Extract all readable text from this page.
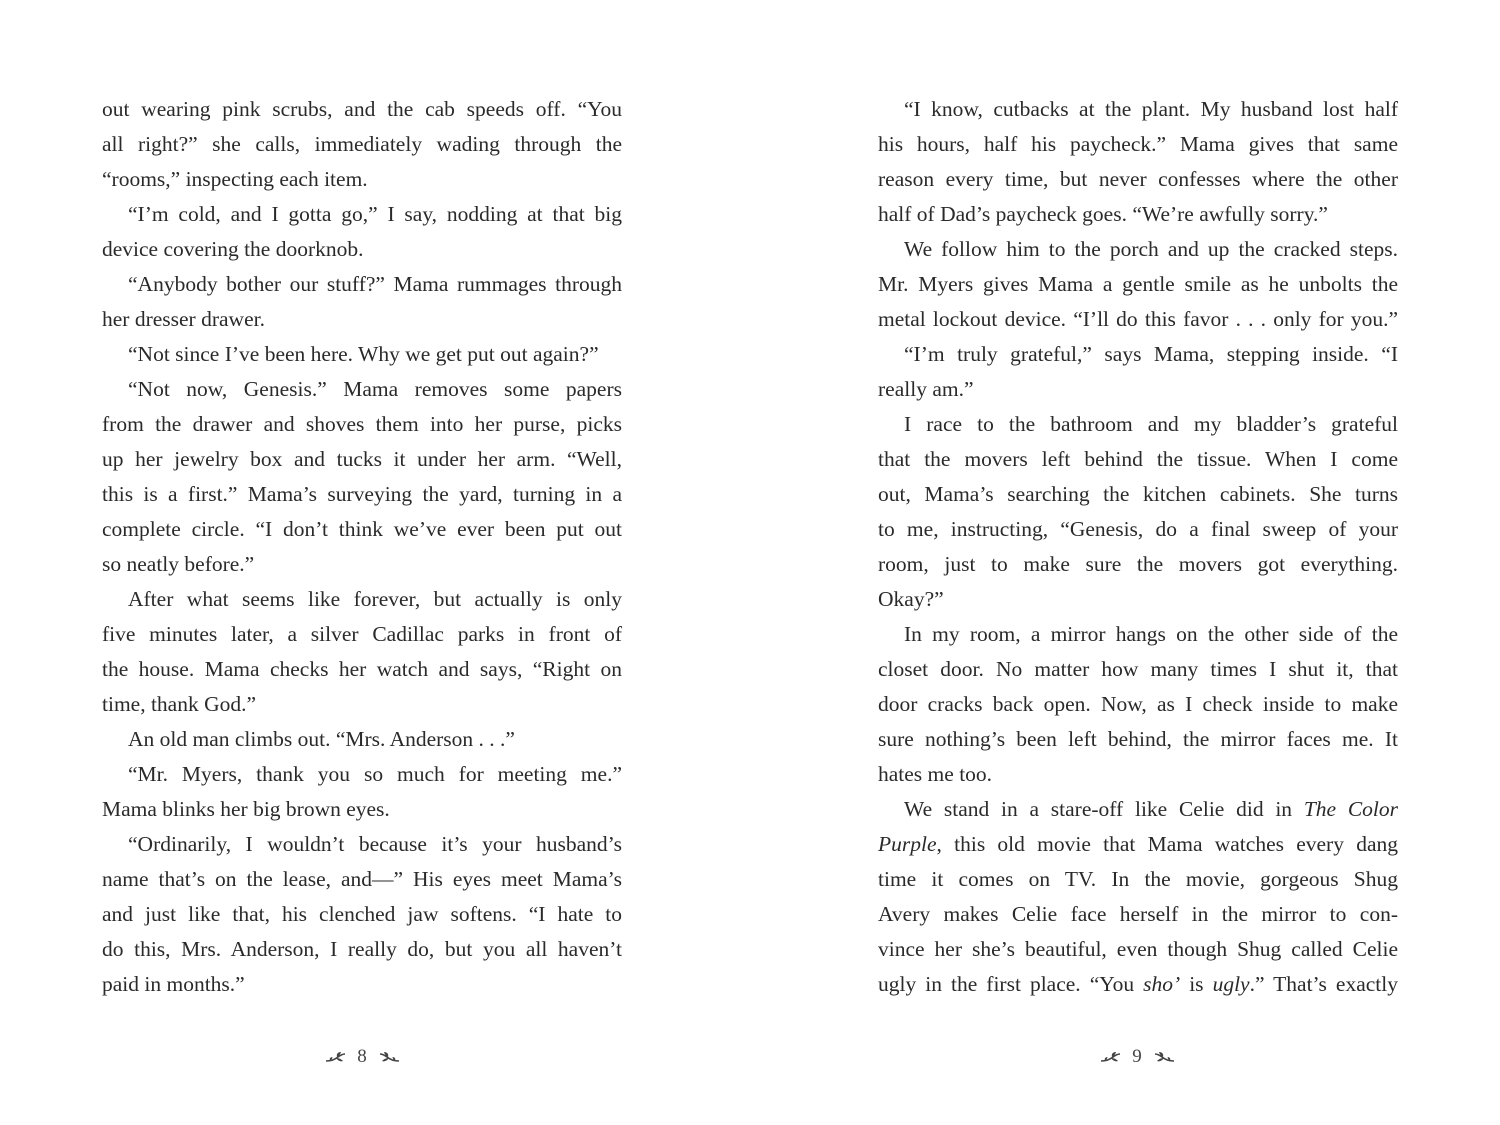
out wearing pink scrubs, and the cab speeds off. “You
all right?” she calls, immediately wading through the
“rooms,” inspecting each item.
“I’m cold, and I gotta go,” I say, nodding at that big
device covering the doorknob.
“Anybody bother our stuff?” Mama rummages through
her dresser drawer.
“Not since I’ve been here. Why we get put out again?”
“Not now, Genesis.” Mama removes some papers
from the drawer and shoves them into her purse, picks
up her jewelry box and tucks it under her arm. “Well,
this is a first.” Mama’s surveying the yard, turning in a
complete circle. “I don’t think we’ve ever been put out
so neatly before.”
After what seems like forever, but actually is only
five minutes later, a silver Cadillac parks in front of
the house. Mama checks her watch and says, “Right on
time, thank God.”
An old man climbs out. “Mrs. Anderson . . .”
“Mr. Myers, thank you so much for meeting me.”
Mama blinks her big brown eyes.
“Ordinarily, I wouldn’t because it’s your husband’s
name that’s on the lease, and—” His eyes meet Mama’s
and just like that, his clenched jaw softens. “I hate to
do this, Mrs. Anderson, I really do, but you all haven’t
paid in months.”
“I know, cutbacks at the plant. My husband lost half
his hours, half his paycheck.” Mama gives that same
reason every time, but never confesses where the other
half of Dad’s paycheck goes. “We’re awfully sorry.”
We follow him to the porch and up the cracked steps.
Mr. Myers gives Mama a gentle smile as he unbolts the
metal lockout device. “I’ll do this favor . . . only for you.”
“I’m truly grateful,” says Mama, stepping inside. “I
really am.”
I race to the bathroom and my bladder’s grateful
that the movers left behind the tissue. When I come
out, Mama’s searching the kitchen cabinets. She turns
to me, instructing, “Genesis, do a final sweep of your
room, just to make sure the movers got everything.
Okay?”
In my room, a mirror hangs on the other side of the
closet door. No matter how many times I shut it, that
door cracks back open. Now, as I check inside to make
sure nothing’s been left behind, the mirror faces me. It
hates me too.
We stand in a stare-off like Celie did in The Color
Purple, this old movie that Mama watches every dang
time it comes on TV. In the movie, gorgeous Shug
Avery makes Celie face herself in the mirror to con-
vince her she’s beautiful, even though Shug called Celie
ugly in the first place. “You sho’ is ugly.” That’s exactly
8	9
